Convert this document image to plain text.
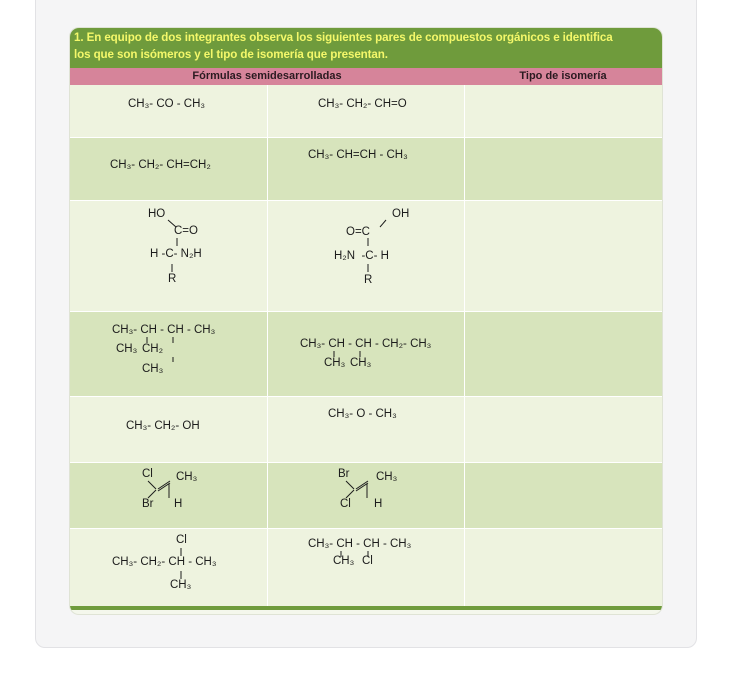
1. En equipo de dos integrantes observa los siguientes pares de compuestos orgánicos e identifica
los que son isómeros y el tipo de isomería que presentan.
Fórmulas semidesarrolladas	Tipo de isomería
CH₃- CO - CH₃	CH₃- CH₂- CH=O
CH₃- CH₂- CH=CH₂
CH₃- CH=CH - CH₃
HO
C=O
H -C- N₂H
R
OH
O=C
H₂N  -C- H
R
CH₃- CH - CH - CH₃
CH₃ CH₂
CH₃
CH₃- CH - CH - CH₂- CH₃
CH₃ CH₃
CH₃- CH₂- OH
CH₃- O - CH₃
Cl CH₃
Br H
Br CH₃
Cl H
Cl
CH₃- CH₂- CH - CH₃
CH₃
CH₃- CH - CH - CH₃
CH₃ Cl
